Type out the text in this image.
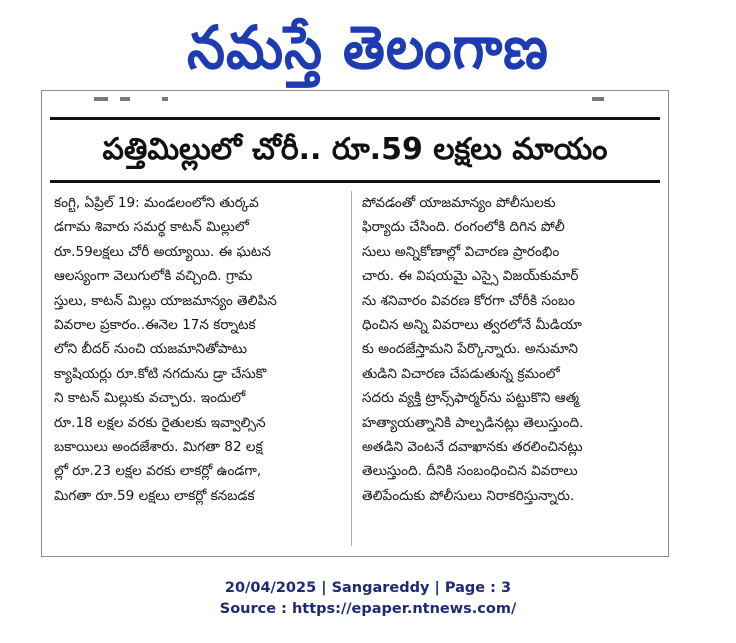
నమస్తే తెలంగాణ
పత్తిమిల్లులో చోరీ.. రూ.59 లక్షలు మాయం
కంగ్టి, ఏప్రిల్ 19: మండలంలోని తుర్కవ
డగామ శివారు సమర్థ కాటన్ మిల్లులో
రూ.59లక్షలు చోరీ అయ్యాయి. ఈ ఘటన
ఆలస్యంగా వెలుగులోకి వచ్చింది. గ్రామ
స్తులు, కాటన్ మిల్లు యాజమాన్యం తెలిపిన
వివరాల ప్రకారం..ఈనెల 17న కర్నాటక
లోని బీదర్ నుంచి యజమానితోపాటు
క్యాషియర్లు రూ.కోటి నగదును డ్రా చేసుకొ
ని కాటన్ మిల్లుకు వచ్చారు. ఇందులో
రూ.18 లక్షల వరకు రైతులకు ఇవ్వాల్సిన
బకాయిలు అందజేశారు. మిగతా 82 లక్ష
ల్లో రూ.23 లక్షల వరకు లాకర్లో ఉండగా,
మిగతా రూ.59 లక్షలు లాకర్లో కనబడక
పోవడంతో యాజమాన్యం పోలీసులకు
ఫిర్యాదు చేసింది. రంగంలోకి దిగిన పోలీ
సులు అన్నికోణాల్లో విచారణ ప్రారంభిం
చారు. ఈ విషయమై ఎస్సై విజయ్‌కుమార్
ను శనివారం వివరణ కోరగా చోరీకి సంబం
ధించిన అన్ని వివరాలు త్వరలోనే మీడియా
కు అందజేస్తామని పేర్కొన్నారు. అనుమాని
తుడిని విచారణ చేపడుతున్న క్రమంలో
సదరు వ్యక్తి ట్రాన్స్‌ఫార్మర్‌ను పట్టుకొని ఆత్మ
హత్యాయత్నానికి పాల్పడినట్లు తెలుస్తుంది.
అతడిని వెంటనే దవాఖానకు తరలించినట్లు
తెలుస్తుంది. దీనికి సంబంధించిన వివరాలు
తెలిపేందుకు పోలీసులు నిరాకరిస్తున్నారు.
20/04/2025 | Sangareddy | Page : 3
Source : https://epaper.ntnews.com/
